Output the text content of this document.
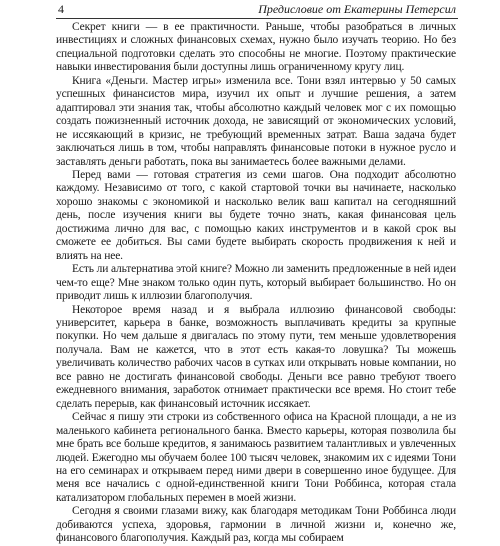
4	Предисловие от Екатерины Петерсил

Секрет книги — в ее практичности. Раньше, чтобы разобраться в личных инвестициях и сложных финансовых схемах, нужно было изучать теорию. Но без специальной подготовки сделать это способны не многие. Поэтому практические навыки инвестирования были доступны лишь ограниченному кругу лиц.

Книга «Деньги. Мастер игры» изменила все. Тони взял интервью у 50 самых успешных финансистов мира, изучил их опыт и лучшие решения, а затем адаптировал эти знания так, чтобы абсолютно каждый человек мог с их помощью создать пожизненный источник дохода, не зависящий от экономических условий, не иссякающий в кризис, не требующий временных затрат. Ваша задача будет заключаться лишь в том, чтобы направлять финансовые потоки в нужное русло и заставлять деньги работать, пока вы занимаетесь более важными делами.

Перед вами — готовая стратегия из семи шагов. Она подходит абсолютно каждому. Независимо от того, с какой стартовой точки вы начинаете, насколько хорошо знакомы с экономикой и насколько велик ваш капитал на сегодняшний день, после изучения книги вы будете точно знать, какая финансовая цель достижима лично для вас, с помощью каких инструментов и в какой срок вы сможете ее добиться. Вы сами будете выбирать скорость продвижения к ней и влиять на нее.

Есть ли альтернатива этой книге? Можно ли заменить предложенные в ней идеи чем-то еще? Мне знаком только один путь, который выбирает большинство. Но он приводит лишь к иллюзии благополучия.

Некоторое время назад и я выбрала иллюзию финансовой свободы: университет, карьера в банке, возможность выплачивать кредиты за крупные покупки. Но чем дальше я двигалась по этому пути, тем меньше удовлетворения получала. Вам не кажется, что в этот есть какая-то ловушка? Ты можешь увеличивать количество рабочих часов в сутках или открывать новые компании, но все равно не достигать финансовой свободы. Деньги все равно требуют твоего ежедневного внимания, заработок отнимает практически все время. Но стоит тебе сделать перерыв, как финансовый источник иссякает.

Сейчас я пишу эти строки из собственного офиса на Красной площади, а не из маленького кабинета регионального банка. Вместо карьеры, которая позволила бы мне брать все больше кредитов, я занимаюсь развитием талантливых и увлеченных людей. Ежегодно мы обучаем более 100 тысяч человек, знакомим их с идеями Тони на его семинарах и открываем перед ними двери в совершенно иное будущее. Для меня все начались с одной-единственной книги Тони Роббинса, которая стала катализатором глобальных перемен в моей жизни.

Сегодня я своими глазами вижу, как благодаря методикам Тони Роббинса люди добиваются успеха, здоровья, гармонии в личной жизни и, конечно же, финансового благополучия. Каждый раз, когда мы собираем
